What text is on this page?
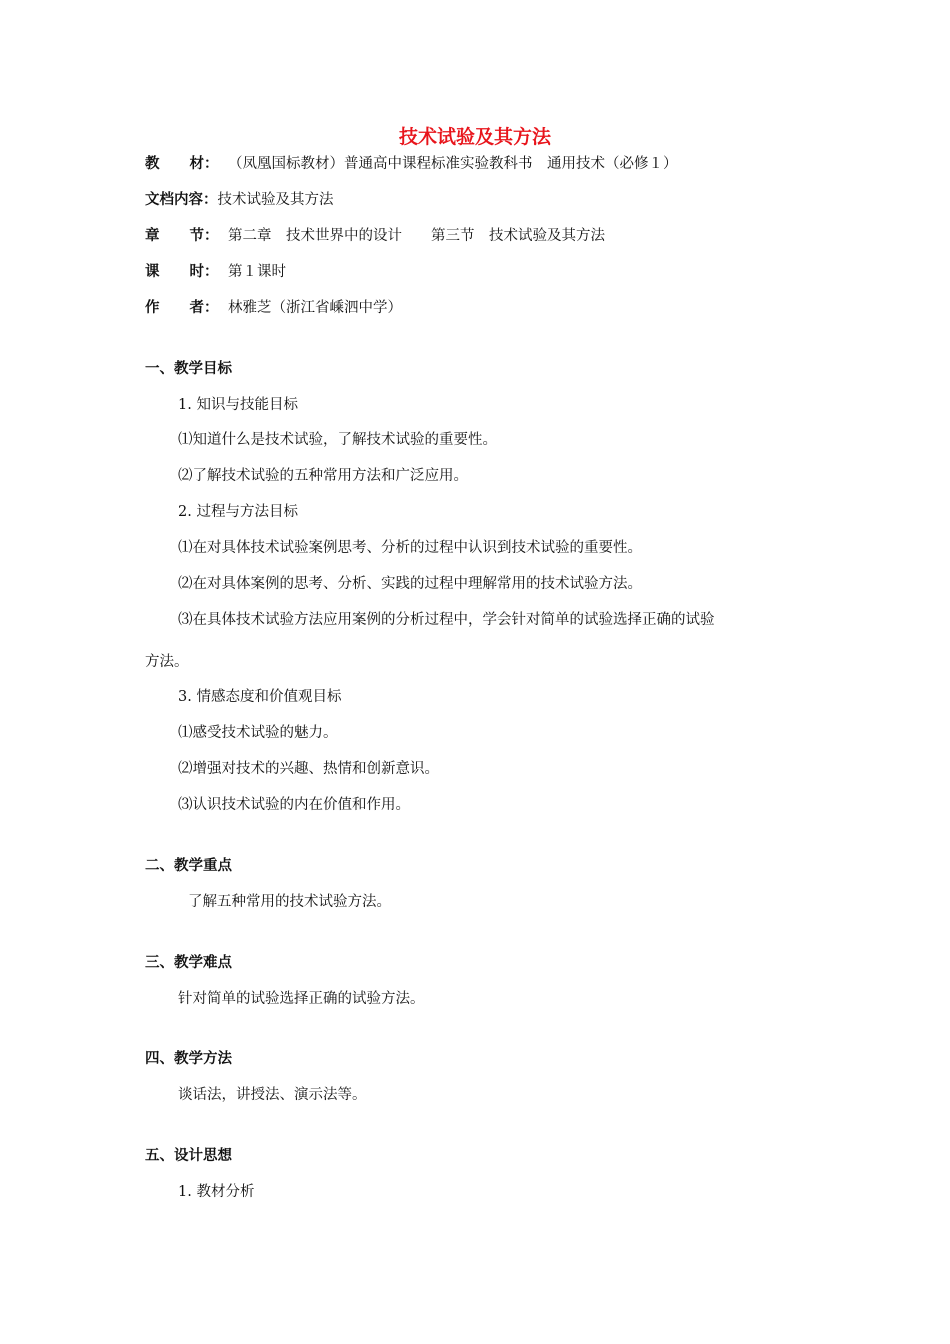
技术试验及其方法
教 材： （凤凰国标教材）普通高中课程标准实验教科书　通用技术（必修１）
文档内容：技术试验及其方法
章 节： 第二章　技术世界中的设计　　第三节　技术试验及其方法
课 时： 第１课时
作 者： 林雅芝（浙江省嵊泗中学）
一、教学目标
1. 知识与技能目标
⑴知道什么是技术试验，了解技术试验的重要性。
⑵了解技术试验的五种常用方法和广泛应用。
2. 过程与方法目标
⑴在对具体技术试验案例思考、分析的过程中认识到技术试验的重要性。
⑵在对具体案例的思考、分析、实践的过程中理解常用的技术试验方法。
⑶在具体技术试验方法应用案例的分析过程中，学会针对简单的试验选择正确的试验
方法。
3. 情感态度和价值观目标
⑴感受技术试验的魅力。
⑵增强对技术的兴趣、热情和创新意识。
⑶认识技术试验的内在价值和作用。
二、教学重点
了解五种常用的技术试验方法。
三、教学难点
针对简单的试验选择正确的试验方法。
四、教学方法
谈话法，讲授法、演示法等。
五、设计思想
1. 教材分析
